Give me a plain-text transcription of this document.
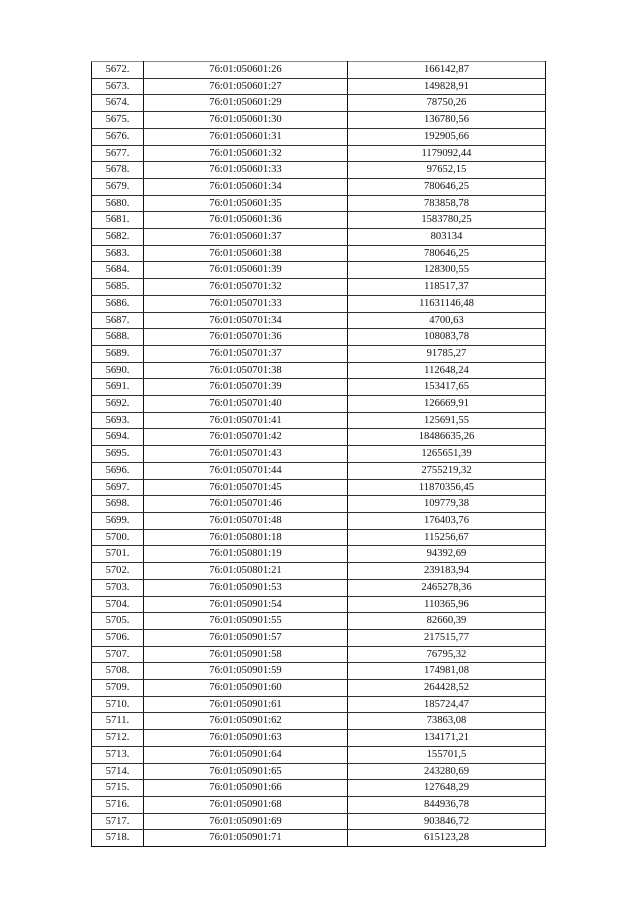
5672.	76:01:050601:26	166142,87
5673.	76:01:050601:27	149828,91
5674.	76:01:050601:29	78750,26
5675.	76:01:050601:30	136780,56
5676.	76:01:050601:31	192905,66
5677.	76:01:050601:32	1179092,44
5678.	76:01:050601:33	97652,15
5679.	76:01:050601:34	780646,25
5680.	76:01:050601:35	783858,78
5681.	76:01:050601:36	1583780,25
5682.	76:01:050601:37	803134
5683.	76:01:050601:38	780646,25
5684.	76:01:050601:39	128300,55
5685.	76:01:050701:32	118517,37
5686.	76:01:050701:33	11631146,48
5687.	76:01:050701:34	4700,63
5688.	76:01:050701:36	108083,78
5689.	76:01:050701:37	91785,27
5690.	76:01:050701:38	112648,24
5691.	76:01:050701:39	153417,65
5692.	76:01:050701:40	126669,91
5693.	76:01:050701:41	125691,55
5694.	76:01:050701:42	18486635,26
5695.	76:01:050701:43	1265651,39
5696.	76:01:050701:44	2755219,32
5697.	76:01:050701:45	11870356,45
5698.	76:01:050701:46	109779,38
5699.	76:01:050701:48	176403,76
5700.	76:01:050801:18	115256,67
5701.	76:01:050801:19	94392,69
5702.	76:01:050801:21	239183,94
5703.	76:01:050901:53	2465278,36
5704.	76:01:050901:54	110365,96
5705.	76:01:050901:55	82660,39
5706.	76:01:050901:57	217515,77
5707.	76:01:050901:58	76795,32
5708.	76:01:050901:59	174981,08
5709.	76:01:050901:60	264428,52
5710.	76:01:050901:61	185724,47
5711.	76:01:050901:62	73863,08
5712.	76:01:050901:63	134171,21
5713.	76:01:050901:64	155701,5
5714.	76:01:050901:65	243280,69
5715.	76:01:050901:66	127648,29
5716.	76:01:050901:68	844936,78
5717.	76:01:050901:69	903846,72
5718.	76:01:050901:71	615123,28
